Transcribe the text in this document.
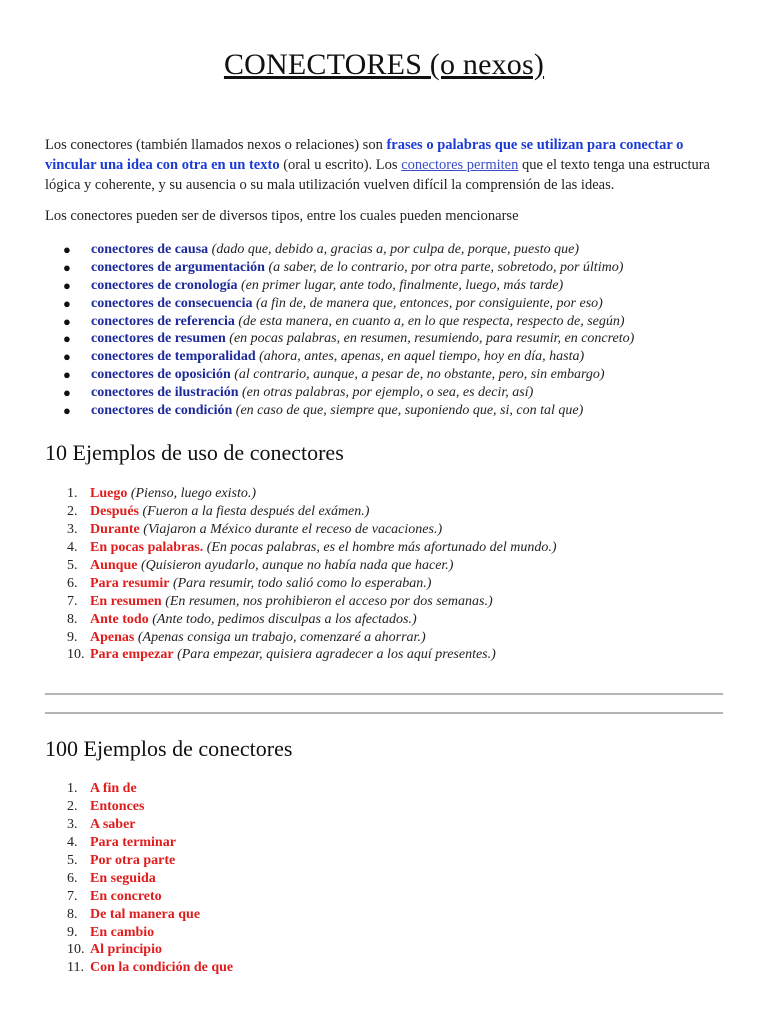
CONECTORES (o nexos)

Los conectores (también llamados nexos o relaciones) son frases o palabras que se utilizan para conectar o vincular una idea con otra en un texto (oral u escrito). Los conectores permiten que el texto tenga una estructura lógica y coherente, y su ausencia o su mala utilización vuelven difícil la comprensión de las ideas.

Los conectores pueden ser de diversos tipos, entre los cuales pueden mencionarse

● conectores de causa (dado que, debido a, gracias a, por culpa de, porque, puesto que)
● conectores de argumentación (a saber, de lo contrario, por otra parte, sobretodo, por último)
● conectores de cronología (en primer lugar, ante todo, finalmente, luego, más tarde)
● conectores de consecuencia (a fin de, de manera que, entonces, por consiguiente, por eso)
● conectores de referencia (de esta manera, en cuanto a, en lo que respecta, respecto de, según)
● conectores de resumen (en pocas palabras, en resumen, resumiendo, para resumir, en concreto)
● conectores de temporalidad (ahora, antes, apenas, en aquel tiempo, hoy en día, hasta)
● conectores de oposición (al contrario, aunque, a pesar de, no obstante, pero, sin embargo)
● conectores de ilustración (en otras palabras, por ejemplo, o sea, es decir, así)
● conectores de condición (en caso de que, siempre que, suponiendo que, si, con tal que)
10 Ejemplos de uso de conectores
1. Luego (Pienso, luego existo.)
2. Después (Fueron a la fiesta después del exámen.)
3. Durante (Viajaron a México durante el receso de vacaciones.)
4. En pocas palabras. (En pocas palabras, es el hombre más afortunado del mundo.)
5. Aunque (Quisieron ayudarlo, aunque no había nada que hacer.)
6. Para resumir (Para resumir, todo salió como lo esperaban.)
7. En resumen (En resumen, nos prohibieron el acceso por dos semanas.)
8. Ante todo (Ante todo, pedimos disculpas a los afectados.)
9. Apenas (Apenas consiga un trabajo, comenzaré a ahorrar.)
10. Para empezar (Para empezar, quisiera agradecer a los aquí presentes.)
100 Ejemplos de conectores
1. A fin de
2. Entonces
3. A saber
4. Para terminar
5. Por otra parte
6. En seguida
7. En concreto
8. De tal manera que
9. En cambio
10. Al principio
11. Con la condición de que
